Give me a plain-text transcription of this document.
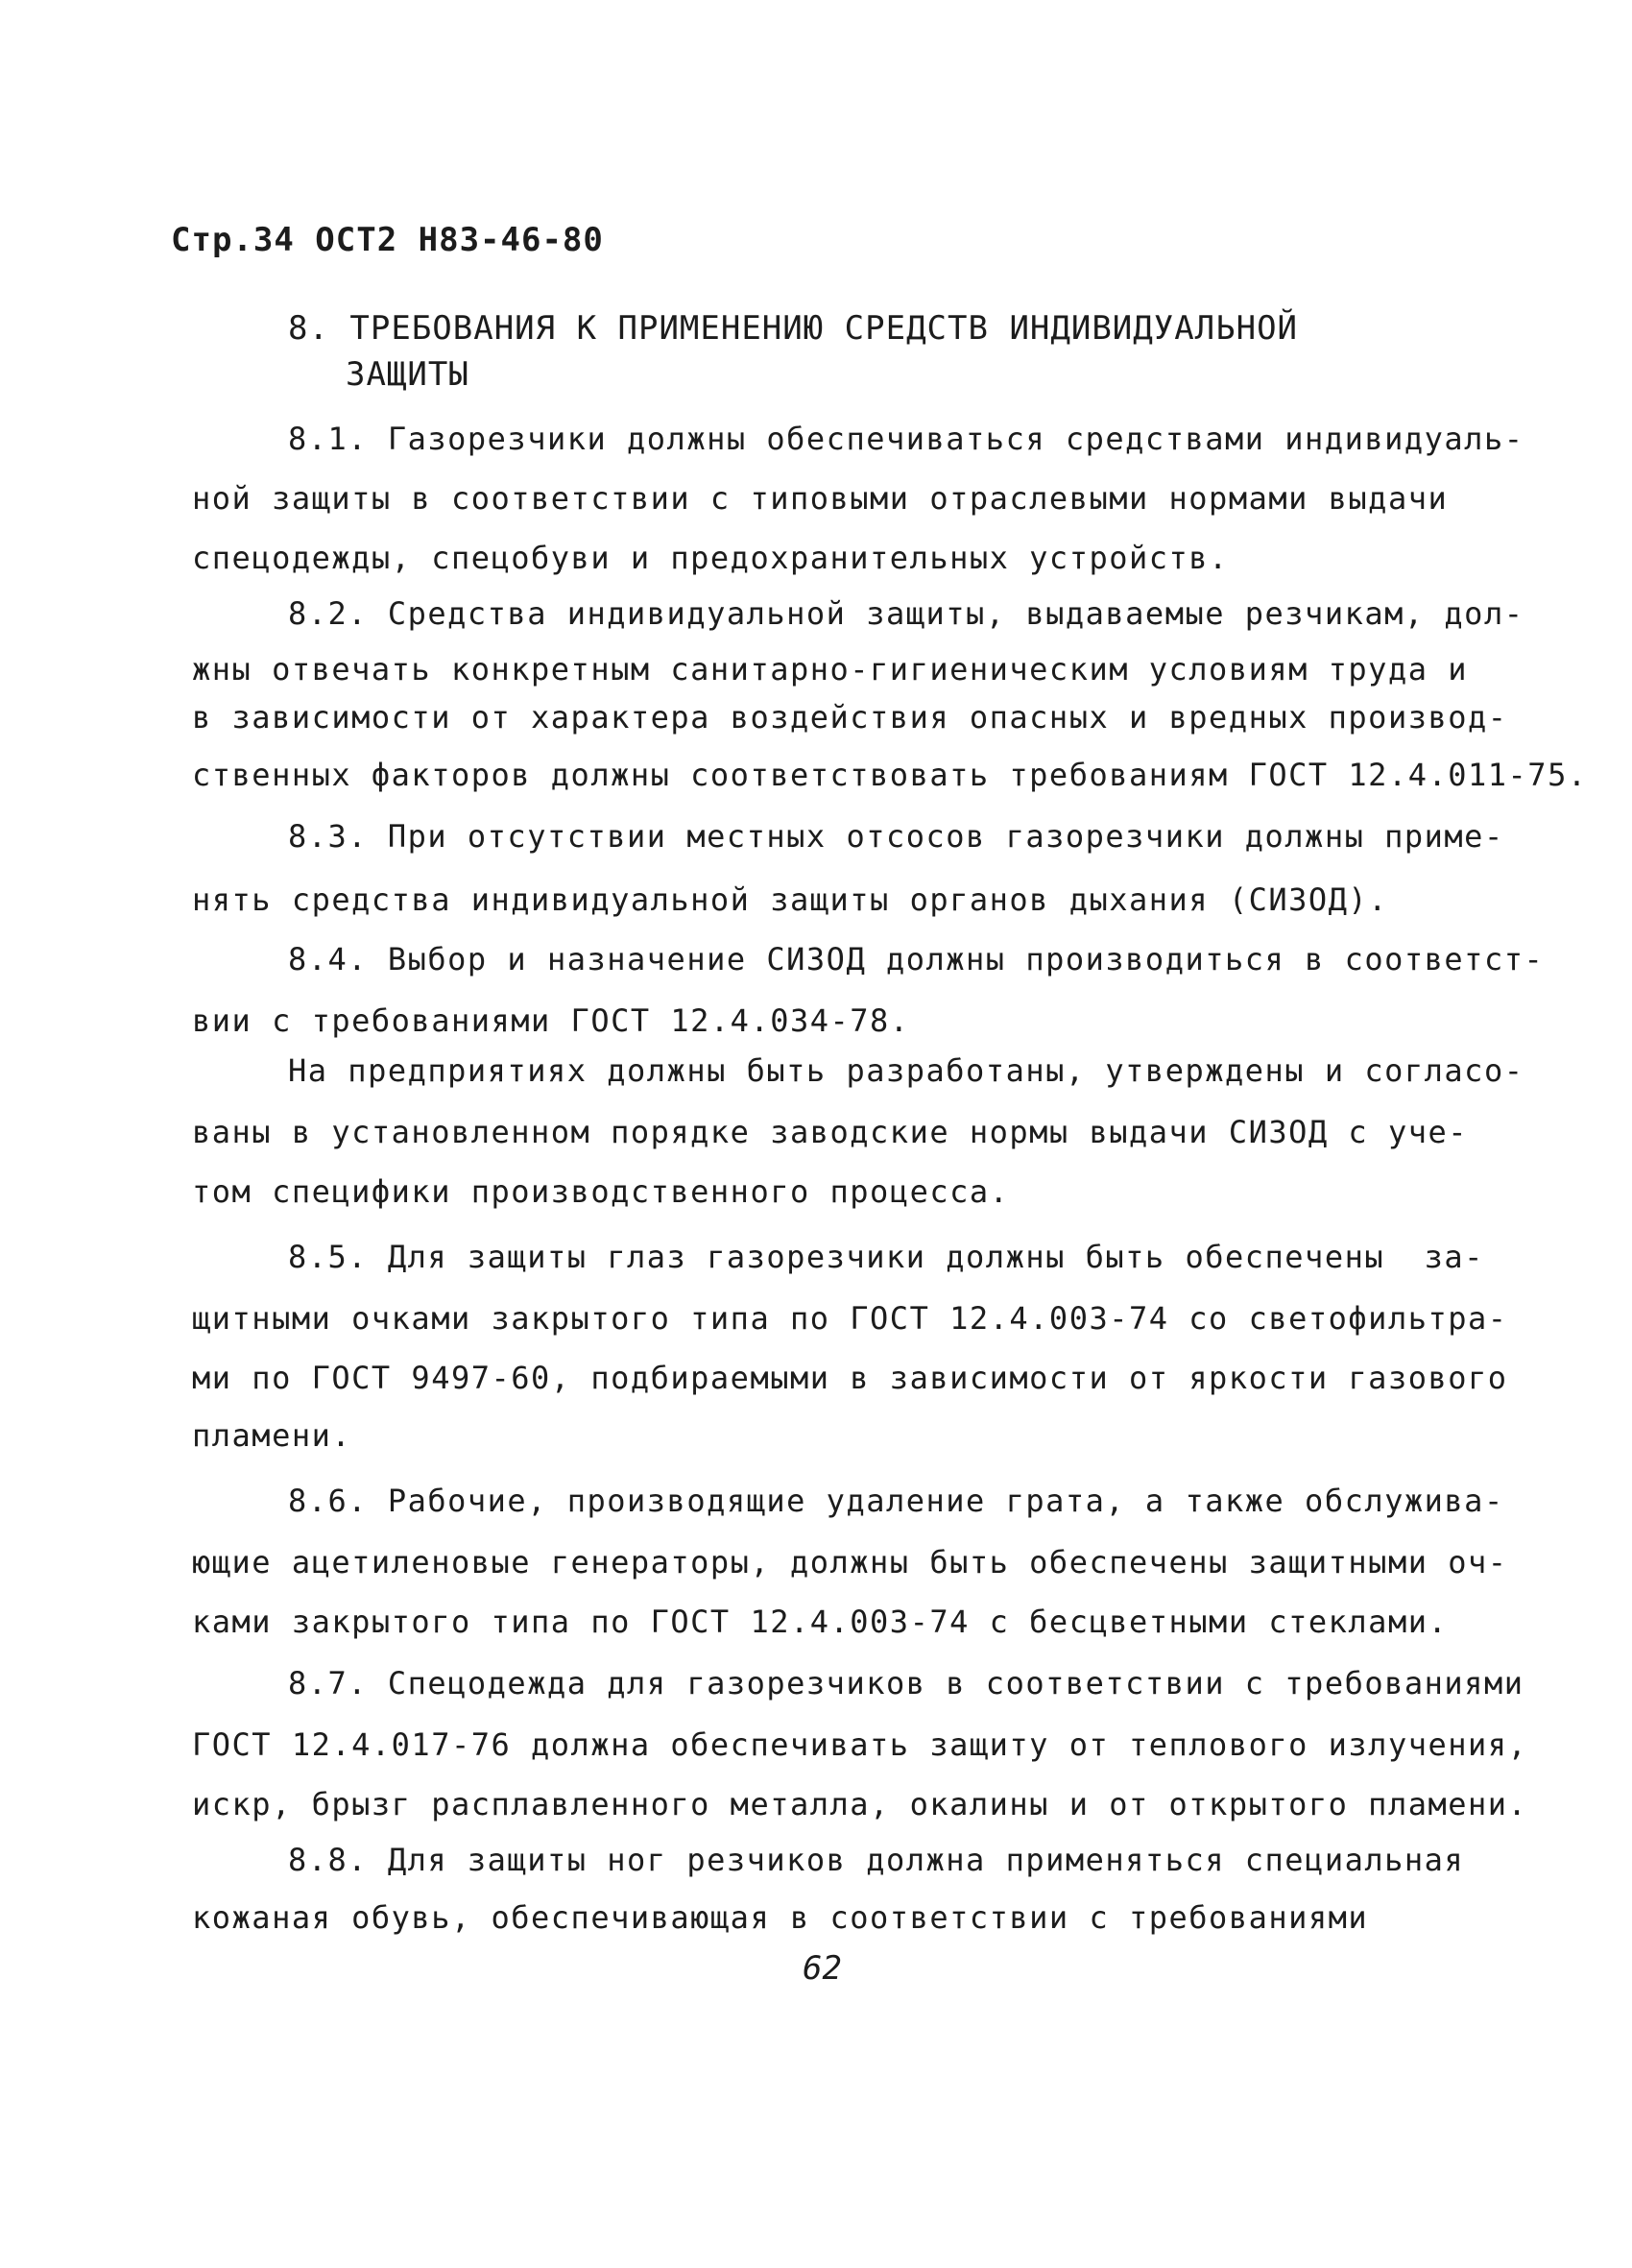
Стр.34 ОСТ2 Н83-46-80
8. ТРЕБОВАНИЯ К ПРИМЕНЕНИЮ СРЕДСТВ ИНДИВИДУАЛЬНОЙ
ЗАЩИТЫ
8.1. Газорезчики должны обеспечиваться средствами индивидуаль-
ной защиты в соответствии с типовыми отраслевыми нормами выдачи
спецодежды, спецобуви и предохранительных устройств.
8.2. Средства индивидуальной защиты, выдаваемые резчикам, дол-
жны отвечать конкретным санитарно-гигиеническим условиям труда и
в зависимости от характера воздействия опасных и вредных производ-
ственных факторов должны соответствовать требованиям ГОСТ 12.4.011-75.
8.3. При отсутствии местных отсосов газорезчики должны приме-
нять средства индивидуальной защиты органов дыхания (СИЗОД).
8.4. Выбор и назначение СИЗОД должны производиться в соответст-
вии с требованиями ГОСТ 12.4.034-78.
На предприятиях должны быть разработаны, утверждены и согласо-
ваны в установленном порядке заводские нормы выдачи СИЗОД с уче-
том специфики производственного процесса.
8.5. Для защиты глаз газорезчики должны быть обеспечены  за-
щитными очками закрытого типа по ГОСТ 12.4.003-74 со светофильтра-
ми по ГОСТ 9497-60, подбираемыми в зависимости от яркости газового
пламени.
8.6. Рабочие, производящие удаление грата, а также обслужива-
ющие ацетиленовые генераторы, должны быть обеспечены защитными оч-
ками закрытого типа по ГОСТ 12.4.003-74 с бесцветными стеклами.
8.7. Спецодежда для газорезчиков в соответствии с требованиями
ГОСТ 12.4.017-76 должна обеспечивать защиту от теплового излучения,
искр, брызг расплавленного металла, окалины и от открытого пламени.
8.8. Для защиты ног резчиков должна применяться специальная
кожаная обувь, обеспечивающая в соответствии с требованиями
62
